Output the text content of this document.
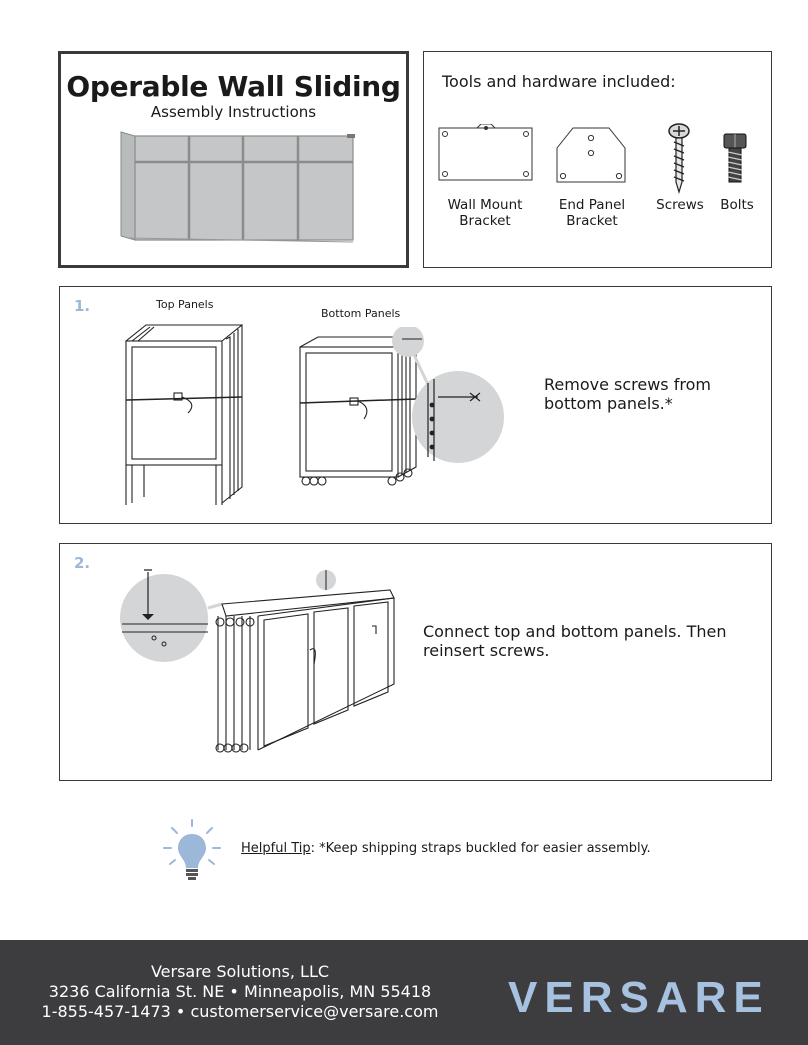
Operable Wall Sliding
Assembly Instructions
Tools and hardware included:
Wall Mount
Bracket
End Panel
Bracket
Screws	Bolts
1.	Top Panels
Bottom Panels
Remove screws from
bottom panels.*
2.
Connect top and bottom panels. Then
reinsert screws.
Helpful Tip: *Keep shipping straps buckled for easier assembly.
Versare Solutions, LLC
3236 California St. NE • Minneapolis, MN 55418
1-855-457-1473 • customerservice@versare.com VERSARE
